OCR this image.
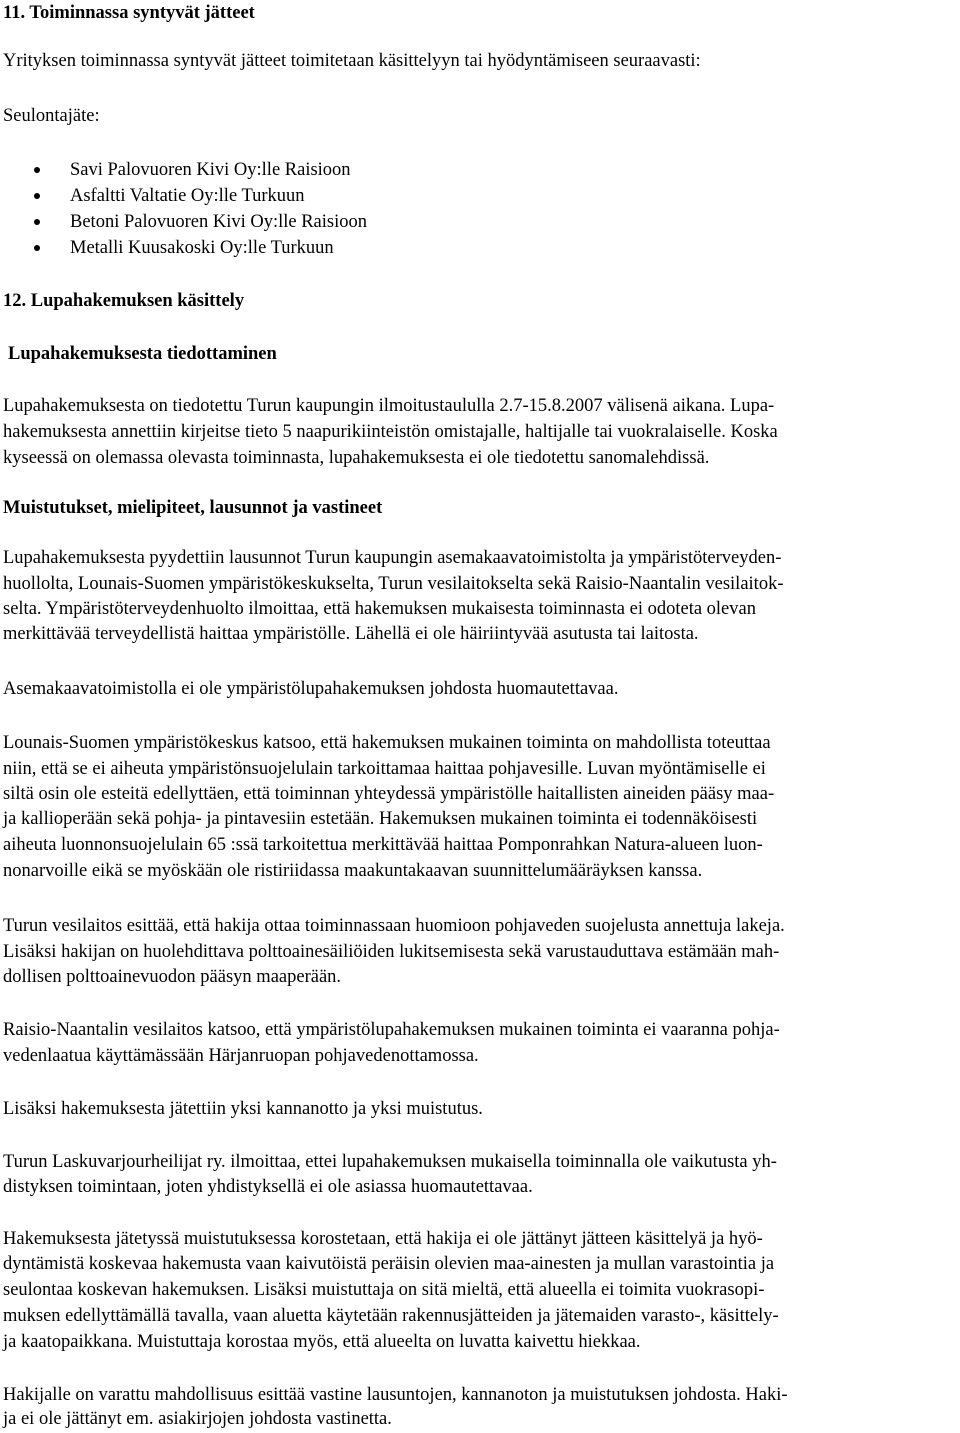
11. Toiminnassa syntyvät jätteet
Yrityksen toiminnassa syntyvät jätteet toimitetaan käsittelyyn tai hyödyntämiseen seuraavasti:
Seulontajäte:
Savi Palovuoren Kivi Oy:lle Raisioon
Asfaltti Valtatie Oy:lle Turkuun
Betoni Palovuoren Kivi Oy:lle Raisioon
Metalli Kuusakoski Oy:lle Turkuun
12. Lupahakemuksen käsittely
Lupahakemuksesta tiedottaminen
Lupahakemuksesta on tiedotettu Turun kaupungin ilmoitustaululla 2.7-15.8.2007 välisenä aikana. Lupa-
hakemuksesta annettiin kirjeitse tieto 5 naapurikiinteistön omistajalle, haltijalle tai vuokralaiselle. Koska
kyseessä on olemassa olevasta toiminnasta, lupahakemuksesta ei ole tiedotettu sanomalehdissä.
Muistutukset, mielipiteet, lausunnot ja vastineet
Lupahakemuksesta pyydettiin lausunnot Turun kaupungin asemakaavatoimistolta ja ympäristöterveyden-
huollolta, Lounais-Suomen ympäristökeskukselta, Turun vesilaitokselta sekä Raisio-Naantalin vesilaitok-
selta. Ympäristöterveydenhuolto ilmoittaa, että hakemuksen mukaisesta toiminnasta ei odoteta olevan
merkittävää terveydellistä haittaa ympäristölle. Lähellä ei ole häiriintyvää asutusta tai laitosta.
Asemakaavatoimistolla ei ole ympäristölupahakemuksen johdosta huomautettavaa.
Lounais-Suomen ympäristökeskus katsoo, että hakemuksen mukainen toiminta on mahdollista toteuttaa
niin, että se ei aiheuta ympäristönsuojelulain tarkoittamaa haittaa pohjavesille. Luvan myöntämiselle ei
siltä osin ole esteitä edellyttäen, että toiminnan yhteydessä ympäristölle haitallisten aineiden pääsy maa-
ja kallioperään sekä pohja- ja pintavesiin estetään. Hakemuksen mukainen toiminta ei todennäköisesti
aiheuta luonnonsuojelulain 65 :ssä tarkoitettua merkittävää haittaa Pomponrahkan Natura-alueen luon-
nonarvoille eikä se myöskään ole ristiriidassa maakuntakaavan suunnittelumääräyksen kanssa.
Turun vesilaitos esittää, että hakija ottaa toiminnassaan huomioon pohjaveden suojelusta annettuja lakeja.
Lisäksi hakijan on huolehdittava polttoainesäiliöiden lukitsemisesta sekä varustauduttava estämään mah-
dollisen polttoainevuodon pääsyn maaperään.
Raisio-Naantalin vesilaitos katsoo, että ympäristölupahakemuksen mukainen toiminta ei vaaranna pohja-
vedenlaatua käyttämässään Härjanruopan pohjavedenottamossa.
Lisäksi hakemuksesta jätettiin yksi kannanotto ja yksi muistutus.
Turun Laskuvarjourheilijat ry. ilmoittaa, ettei lupahakemuksen mukaisella toiminnalla ole vaikutusta yh-
distyksen toimintaan, joten yhdistyksellä ei ole asiassa huomautettavaa.
Hakemuksesta jätetyssä muistutuksessa korostetaan, että hakija ei ole jättänyt jätteen käsittelyä ja hyö-
dyntämistä koskevaa hakemusta vaan kaivutöistä peräisin olevien maa-ainesten ja mullan varastointia ja
seulontaa koskevan hakemuksen. Lisäksi muistuttaja on sitä mieltä, että alueella ei toimita vuokrasopi-
muksen edellyttämällä tavalla, vaan aluetta käytetään rakennusjätteiden ja jätemaiden varasto-, käsittely-
ja kaatopaikkana. Muistuttaja korostaa myös, että alueelta on luvatta kaivettu hiekkaa.
Hakijalle on varattu mahdollisuus esittää vastine lausuntojen, kannanoton ja muistutuksen johdosta. Haki-
ja ei ole jättänyt em. asiakirjojen johdosta vastinetta.
